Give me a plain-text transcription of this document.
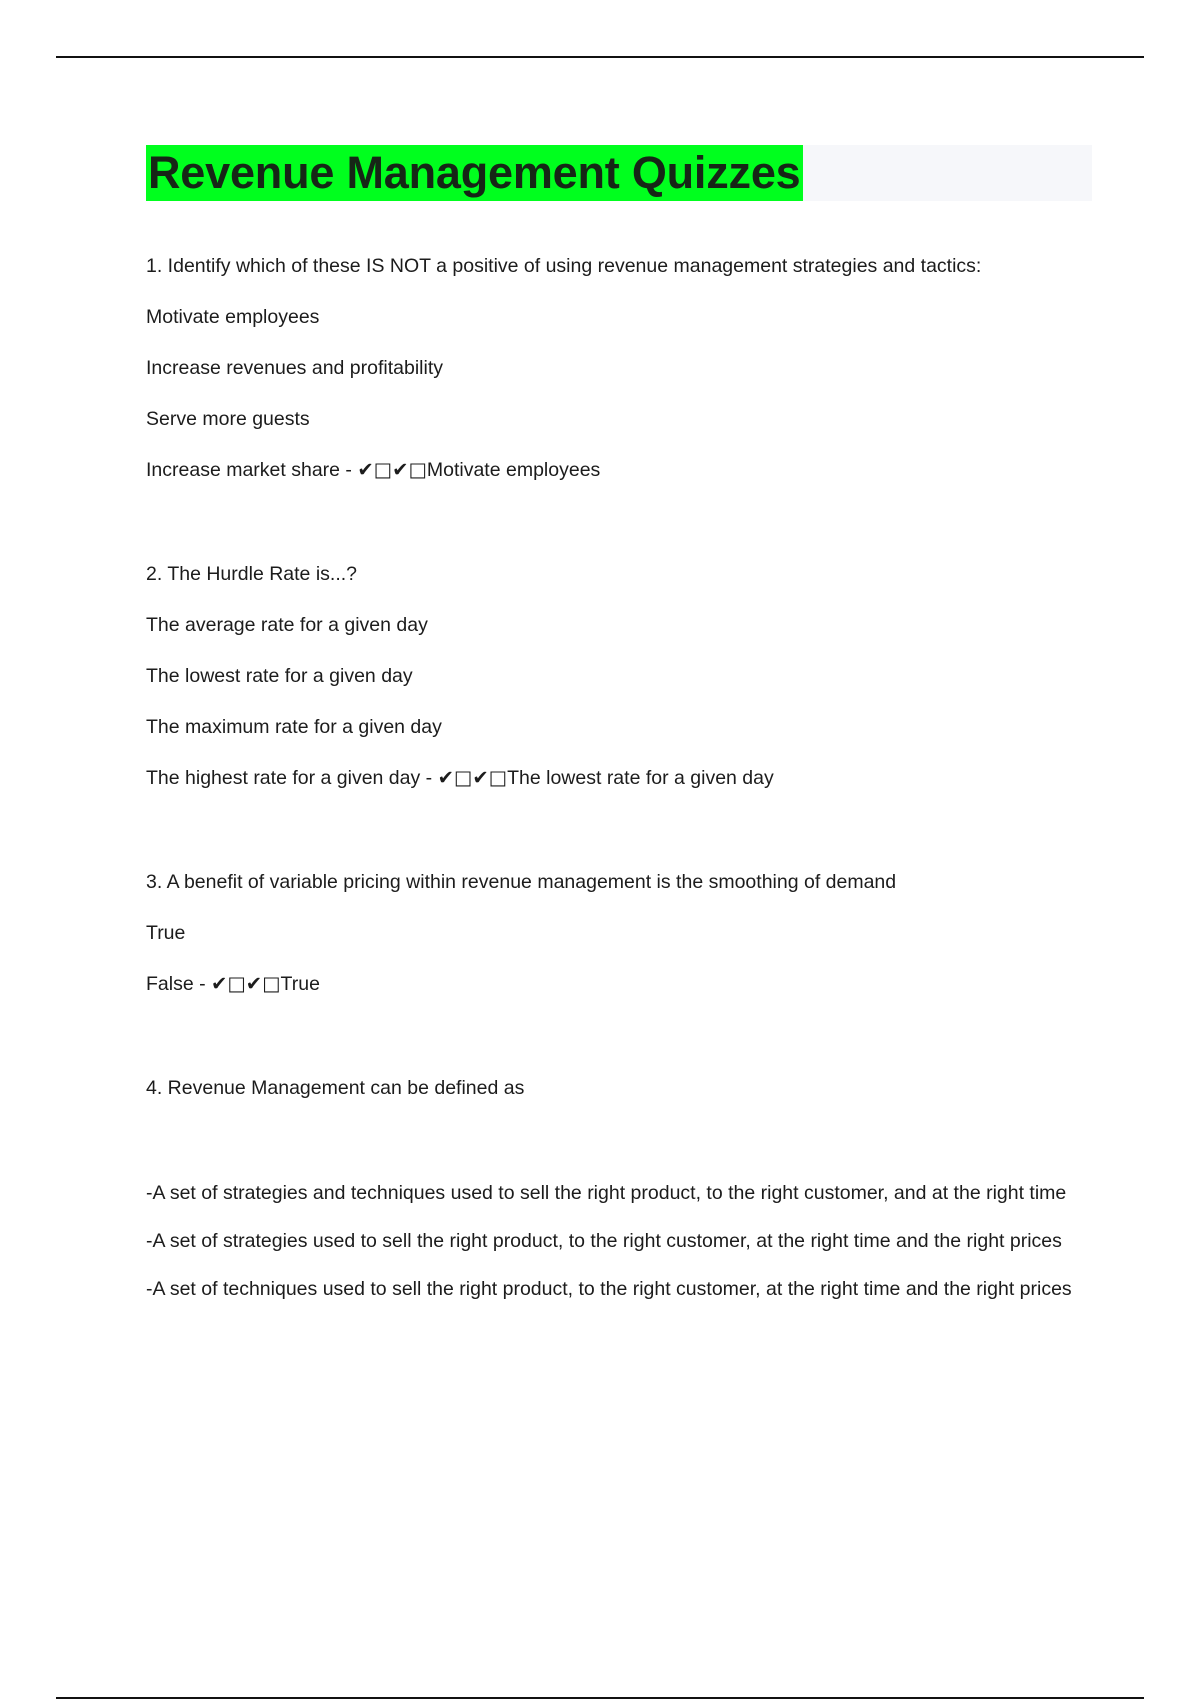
Revenue Management Quizzes

1. Identify which of these IS NOT a positive of using revenue management strategies and tactics:

Motivate employees

Increase revenues and profitability

Serve more guests

Increase market share - ✔□✔□Motivate employees

2. The Hurdle Rate is...?

The average rate for a given day

The lowest rate for a given day

The maximum rate for a given day

The highest rate for a given day - ✔□✔□The lowest rate for a given day

3. A benefit of variable pricing within revenue management is the smoothing of demand

True

False - ✔□✔□True

4. Revenue Management can be defined as

-A set of strategies and techniques used to sell the right product, to the right customer, and at the right time

-A set of strategies used to sell the right product, to the right customer, at the right time and the right prices

-A set of techniques used to sell the right product, to the right customer, at the right time and the right prices
